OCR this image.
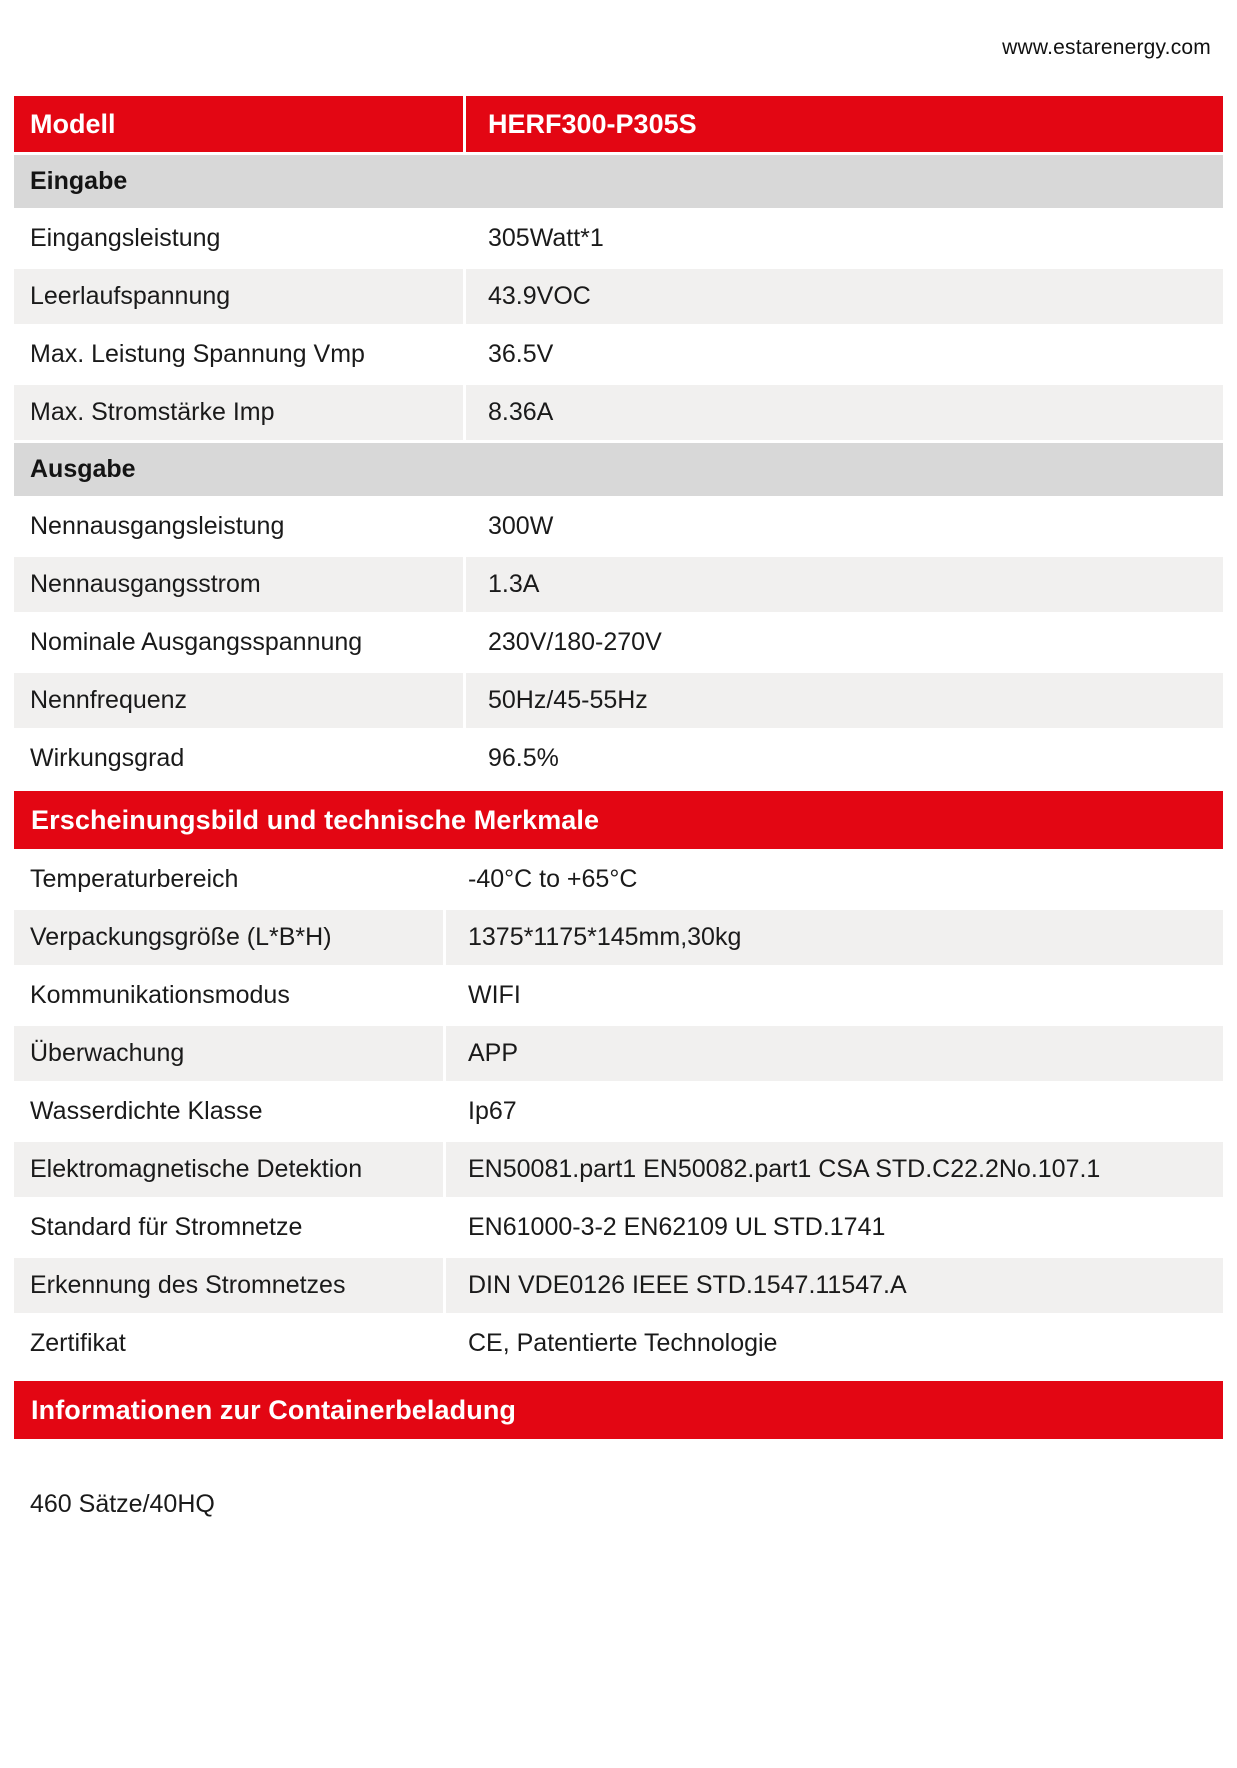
www.estarenergy.com
Modell	HERF300-P305S
Eingabe
Eingangsleistung	305Watt*1
Leerlaufspannung	43.9VOC
Max. Leistung Spannung Vmp	36.5V
Max. Stromstärke Imp	8.36A
Ausgabe
Nennausgangsleistung	300W
Nennausgangsstrom	1.3A
Nominale Ausgangsspannung	230V/180-270V
Nennfrequenz	50Hz/45-55Hz
Wirkungsgrad	96.5%
Erscheinungsbild und technische Merkmale
Temperaturbereich	-40°C to +65°C
Verpackungsgröße (L*B*H)	1375*1175*145mm,30kg
Kommunikationsmodus	WIFI
Überwachung	APP
Wasserdichte Klasse	Ip67
Elektromagnetische Detektion	EN50081.part1 EN50082.part1 CSA STD.C22.2No.107.1
Standard für Stromnetze	EN61000-3-2 EN62109 UL STD.1741
Erkennung des Stromnetzes	DIN VDE0126 IEEE STD.1547.11547.A
Zertifikat	CE, Patentierte Technologie
Informationen zur Containerbeladung
460 Sätze/40HQ
